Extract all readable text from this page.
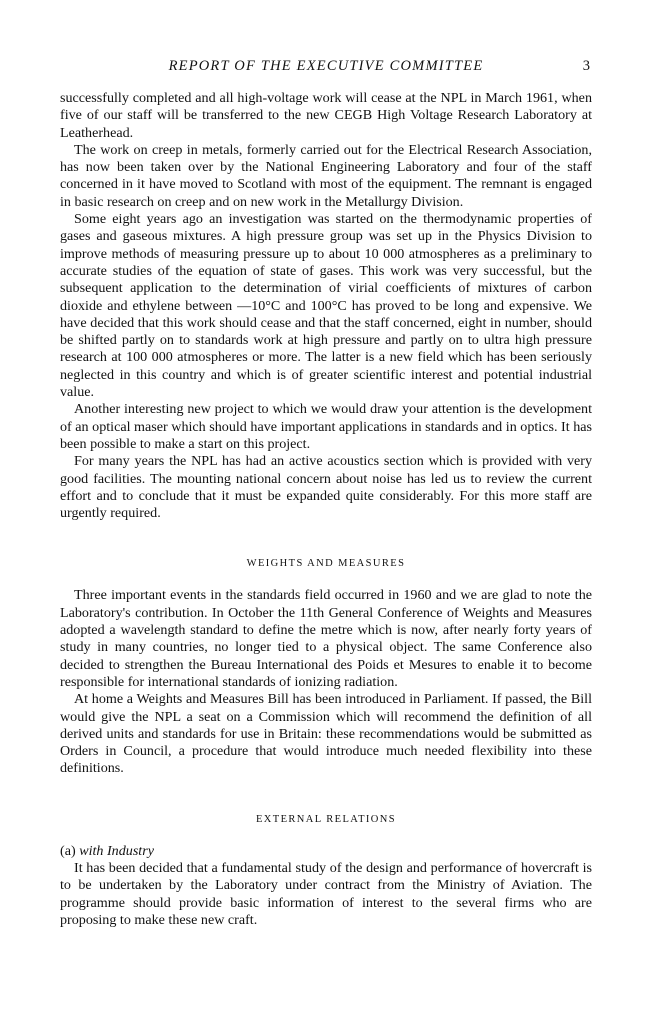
REPORT OF THE EXECUTIVE COMMITTEE	3

successfully completed and all high-voltage work will cease at the NPL in March 1961, when five of our staff will be transferred to the new CEGB High Voltage Research Laboratory at Leatherhead.

The work on creep in metals, formerly carried out for the Electrical Research Association, has now been taken over by the National Engineering Laboratory and four of the staff concerned in it have moved to Scotland with most of the equipment. The remnant is engaged in basic research on creep and on new work in the Metallurgy Division.

Some eight years ago an investigation was started on the thermodynamic properties of gases and gaseous mixtures. A high pressure group was set up in the Physics Division to improve methods of measuring pressure up to about 10 000 atmospheres as a preliminary to accurate studies of the equation of state of gases. This work was very successful, but the subsequent application to the determination of virial coefficients of mixtures of carbon dioxide and ethylene between —10°C and 100°C has proved to be long and expensive. We have decided that this work should cease and that the staff concerned, eight in number, should be shifted partly on to standards work at high pressure and partly on to ultra high pressure research at 100 000 atmospheres or more. The latter is a new field which has been seriously neglected in this country and which is of greater scientific interest and potential industrial value.

Another interesting new project to which we would draw your attention is the development of an optical maser which should have important applications in standards and in optics. It has been possible to make a start on this project.

For many years the NPL has had an active acoustics section which is provided with very good facilities. The mounting national concern about noise has led us to review the current effort and to conclude that it must be expanded quite considerably. For this more staff are urgently required.

WEIGHTS AND MEASURES

Three important events in the standards field occurred in 1960 and we are glad to note the Laboratory's contribution. In October the 11th General Conference of Weights and Measures adopted a wavelength standard to define the metre which is now, after nearly forty years of study in many countries, no longer tied to a physical object. The same Conference also decided to strengthen the Bureau International des Poids et Mesures to enable it to become responsible for international standards of ionizing radiation.

At home a Weights and Measures Bill has been introduced in Parliament. If passed, the Bill would give the NPL a seat on a Commission which will recommend the definition of all derived units and standards for use in Britain: these recommendations would be submitted as Orders in Council, a procedure that would introduce much needed flexibility into these definitions.

EXTERNAL RELATIONS
(a) with Industry

It has been decided that a fundamental study of the design and performance of hovercraft is to be undertaken by the Laboratory under contract from the Ministry of Aviation. The programme should provide basic information of interest to the several firms who are proposing to make these new craft.
